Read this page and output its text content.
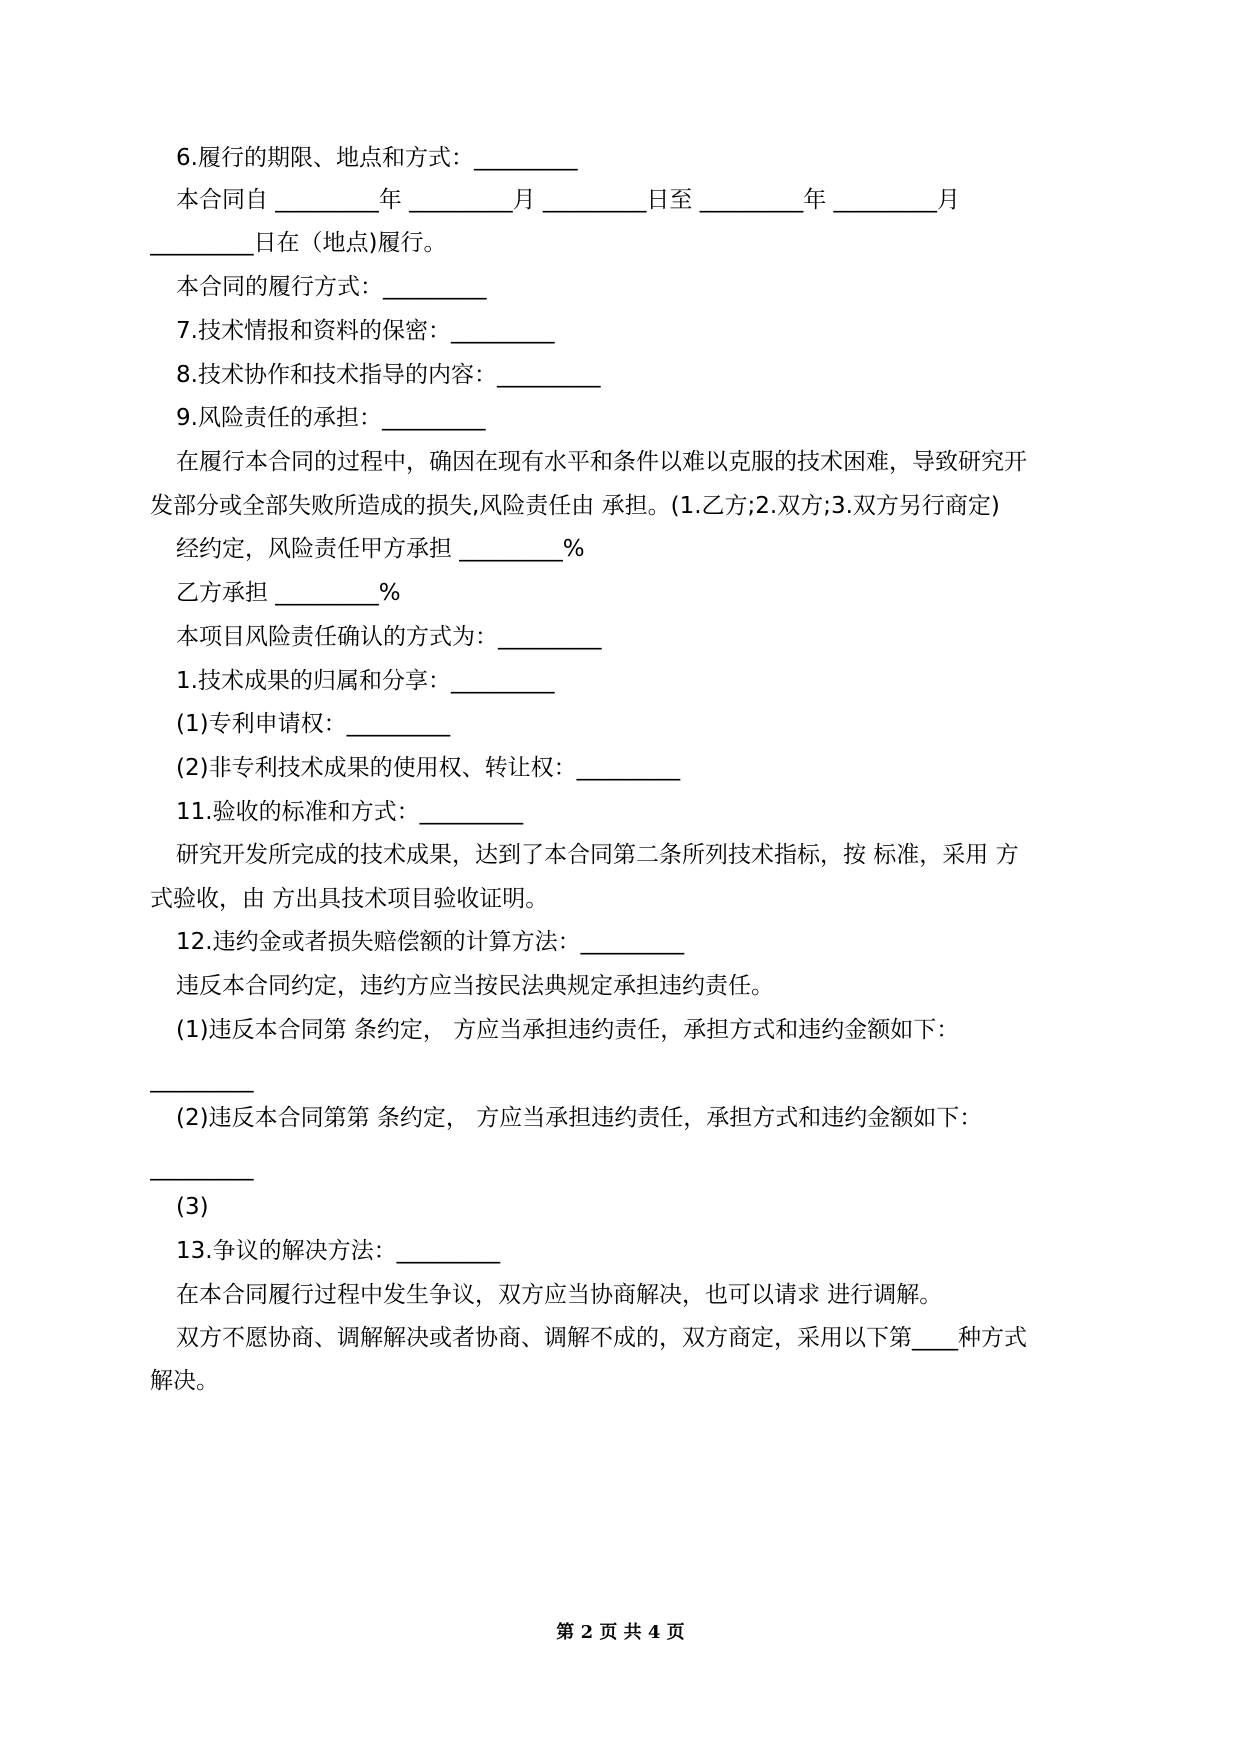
6.履行的期限、地点和方式：_________
本合同自 _________年 _________月 _________日至 _________年 _________月
_________日在（地点)履行。
本合同的履行方式：_________
7.技术情报和资料的保密：_________
8.技术协作和技术指导的内容：_________
9.风险责任的承担：_________
在履行本合同的过程中，确因在现有水平和条件以难以克服的技术困难，导致研究开
发部分或全部失败所造成的损失,风险责任由 承担。(1.乙方;2.双方;3.双方另行商定)
经约定，风险责任甲方承担 _________%
乙方承担 _________%
本项目风险责任确认的方式为：_________
1.技术成果的归属和分享：_________
(1)专利申请权：_________
(2)非专利技术成果的使用权、转让权：_________
11.验收的标准和方式：_________
研究开发所完成的技术成果，达到了本合同第二条所列技术指标，按 标准，采用 方
式验收，由 方出具技术项目验收证明。
12.违约金或者损失赔偿额的计算方法：_________
违反本合同约定，违约方应当按民法典规定承担违约责任。
(1)违反本合同第 条约定， 方应当承担违约责任，承担方式和违约金额如下：
_________
(2)违反本合同第第 条约定， 方应当承担违约责任，承担方式和违约金额如下：
_________
(3)
13.争议的解决方法：_________
在本合同履行过程中发生争议，双方应当协商解决，也可以请求 进行调解。
双方不愿协商、调解解决或者协商、调解不成的，双方商定，采用以下第____种方式
解决。
第 2 页 共 4 页
